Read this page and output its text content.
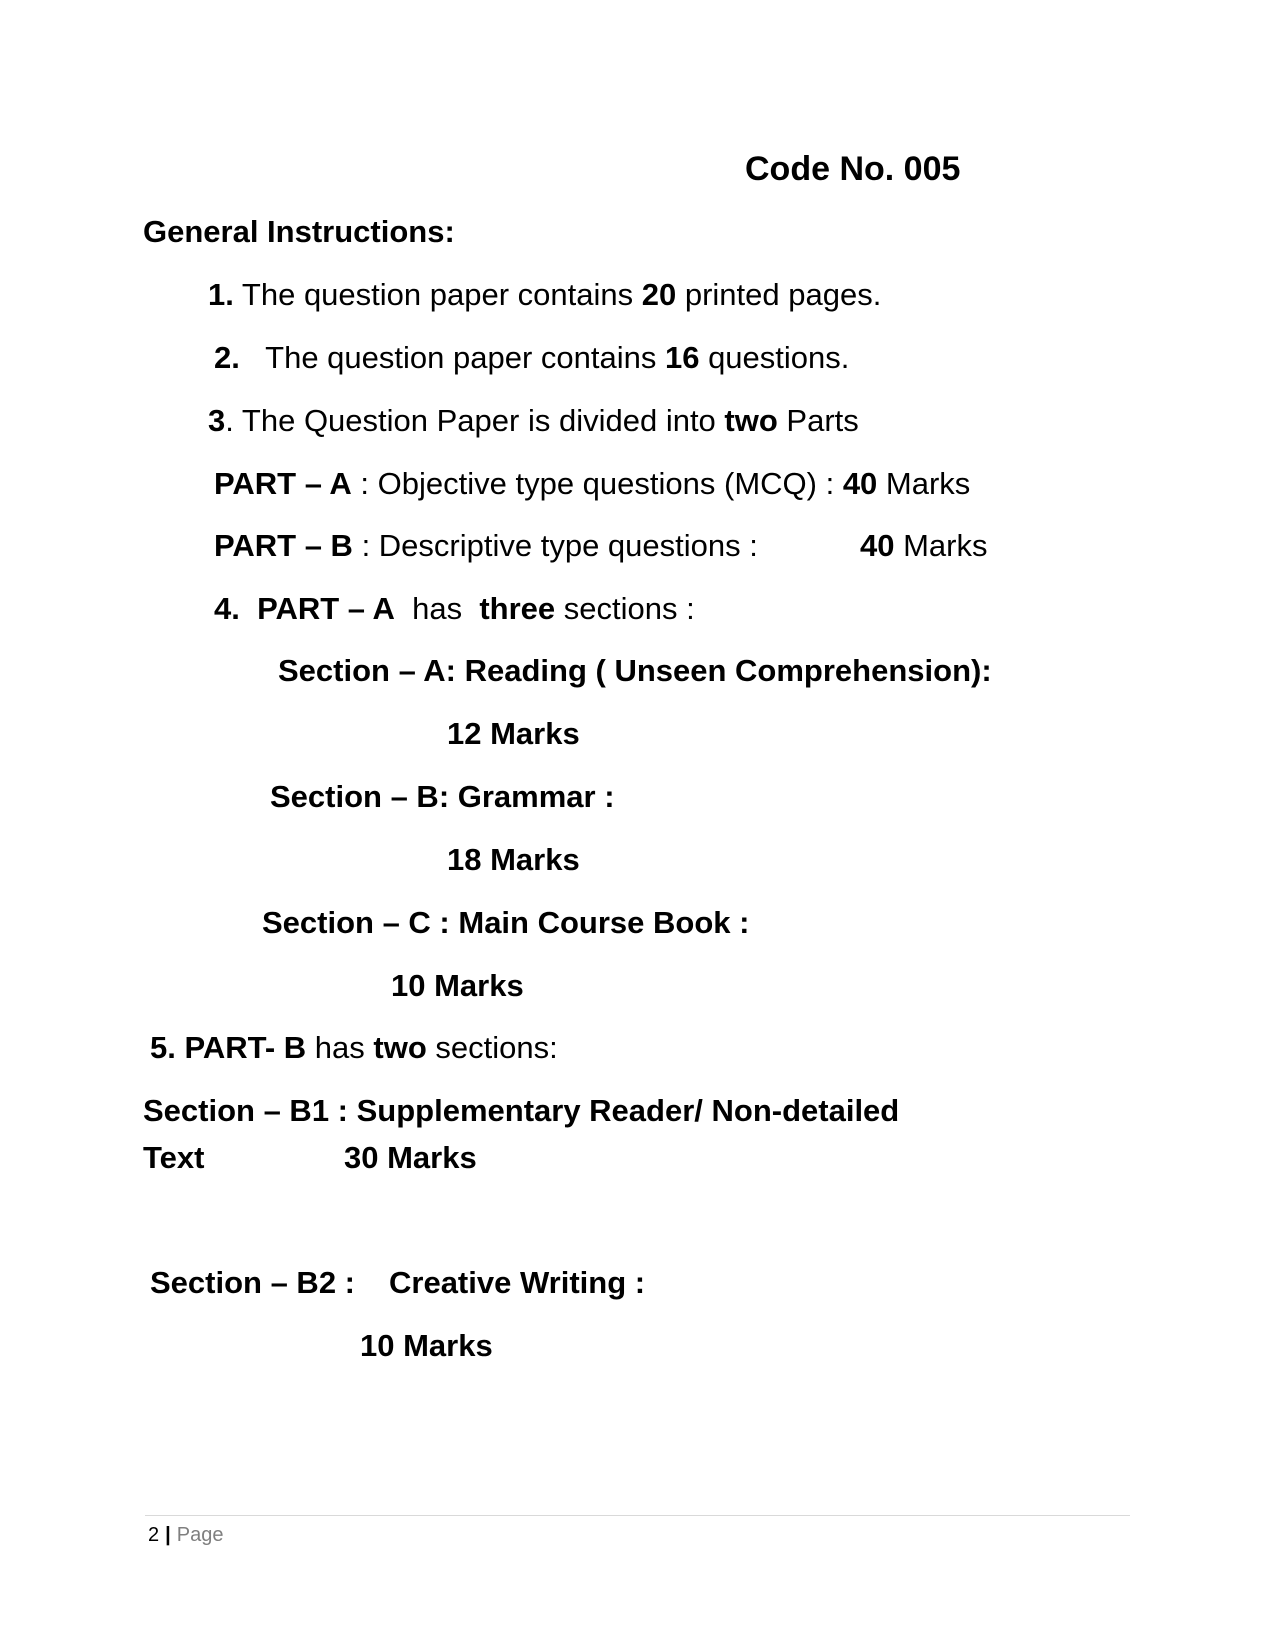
Code No. 005
General Instructions:
1. The question paper contains 20 printed pages.
2.   The question paper contains 16 questions.
3. The Question Paper is divided into two Parts
PART – A : Objective type questions (MCQ) : 40 Marks
PART – B : Descriptive type questions :	40 Marks
4. PART – A  has  three sections :
Section – A: Reading ( Unseen Comprehension):
12 Marks
Section – B: Grammar :
18 Marks
Section – C : Main Course Book :
10 Marks
5. PART- B has two sections:
Section – B1 : Supplementary Reader/ Non-detailed
Text	30 Marks
Section – B2 : Creative Writing :
10 Marks
2 | Page
